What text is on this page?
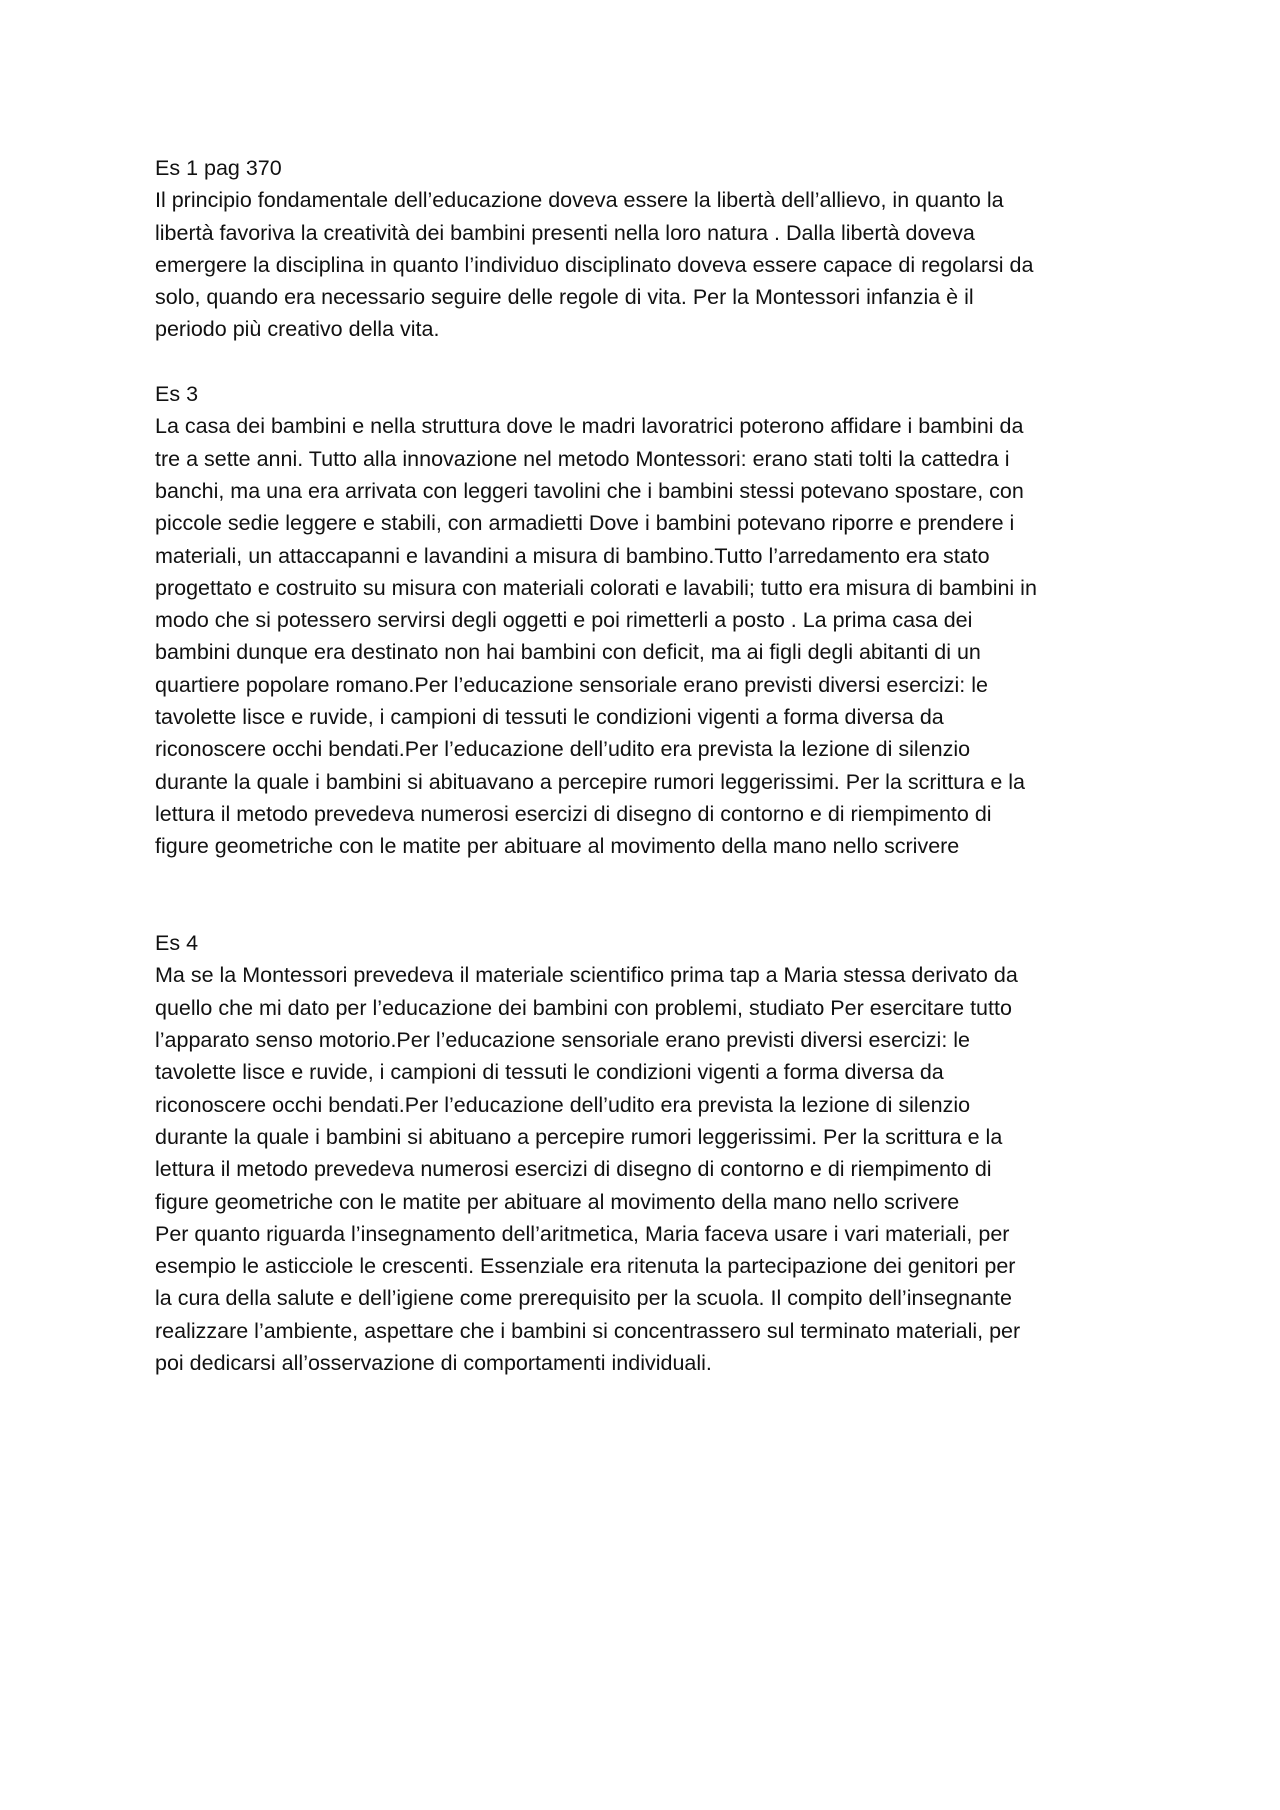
Es 1 pag 370

Il principio fondamentale dell’educazione doveva essere la libertà dell’allievo, in quanto la
libertà favoriva la creatività dei bambini presenti nella loro natura . Dalla libertà doveva
emergere la disciplina in quanto l’individuo disciplinato doveva essere capace di regolarsi da
solo, quando era necessario seguire delle regole di vita. Per la Montessori infanzia è il
periodo più creativo della vita.

Es 3

La casa dei bambini e nella struttura dove le madri lavoratrici poterono affidare i bambini da
tre a sette anni. Tutto alla innovazione nel metodo Montessori: erano stati tolti la cattedra i
banchi, ma una era arrivata con leggeri tavolini che i bambini stessi potevano spostare, con
piccole sedie leggere e stabili, con armadietti Dove i bambini potevano riporre e prendere i
materiali, un attaccapanni e lavandini a misura di bambino.Tutto l’arredamento era stato
progettato e costruito su misura con materiali colorati e lavabili; tutto era misura di bambini in
modo che si potessero servirsi degli oggetti e poi rimetterli a posto . La prima casa dei
bambini dunque era destinato non hai bambini con deficit, ma ai figli degli abitanti di un
quartiere popolare romano.Per l’educazione sensoriale erano previsti diversi esercizi: le
tavolette lisce e ruvide, i campioni di tessuti le condizioni vigenti a forma diversa da
riconoscere occhi bendati.Per l’educazione dell’udito era prevista la lezione di silenzio
durante la quale i bambini si abituavano a percepire rumori leggerissimi. Per la scrittura e la
lettura il metodo prevedeva numerosi esercizi di disegno di contorno e di riempimento di
figure geometriche con le matite per abituare al movimento della mano nello scrivere

Es 4

Ma se la Montessori prevedeva il materiale scientifico prima tap a Maria stessa derivato da
quello che mi dato per l’educazione dei bambini con problemi, studiato Per esercitare tutto
l’apparato senso motorio.Per l’educazione sensoriale erano previsti diversi esercizi: le
tavolette lisce e ruvide, i campioni di tessuti le condizioni vigenti a forma diversa da
riconoscere occhi bendati.Per l’educazione dell’udito era prevista la lezione di silenzio
durante la quale i bambini si abituano a percepire rumori leggerissimi. Per la scrittura e la
lettura il metodo prevedeva numerosi esercizi di disegno di contorno e di riempimento di
figure geometriche con le matite per abituare al movimento della mano nello scrivere

Per quanto riguarda l’insegnamento dell’aritmetica, Maria faceva usare i vari materiali, per
esempio le asticciole le crescenti. Essenziale era ritenuta la partecipazione dei genitori per
la cura della salute e dell’igiene come prerequisito per la scuola. Il compito dell’insegnante
realizzare l’ambiente, aspettare che i bambini si concentrassero sul terminato materiali, per
poi dedicarsi all’osservazione di comportamenti individuali.
